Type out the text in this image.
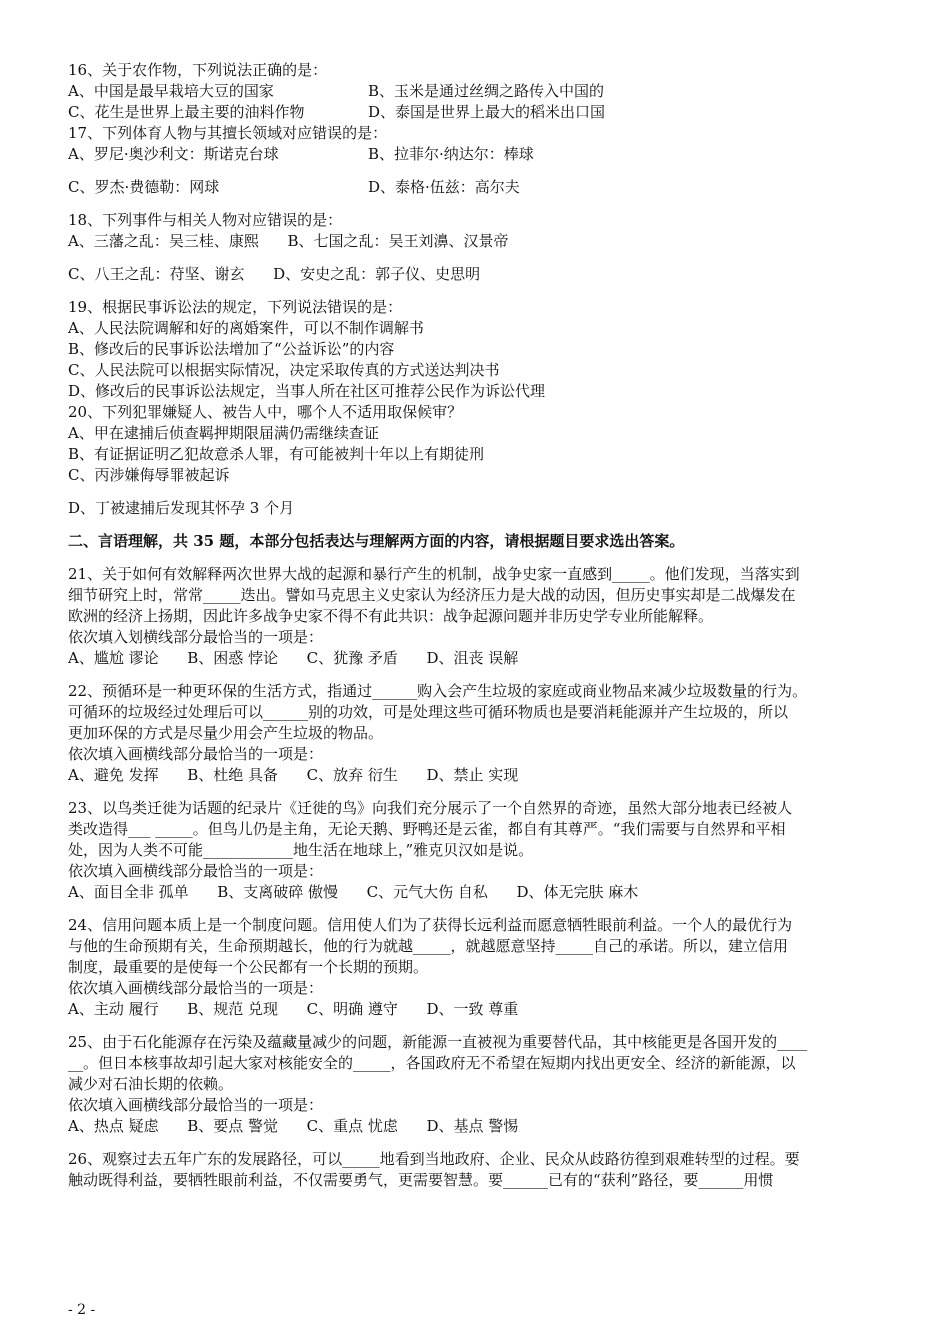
16、关于农作物，下列说法正确的是：

A、中国是最早栽培大豆的国家	B、玉米是通过丝绸之路传入中国的
C、花生是世界上最主要的油料作物	D、泰国是世界上最大的稻米出口国

17、下列体育人物与其擅长领域对应错误的是：

A、罗尼·奥沙利文：斯诺克台球	B、拉菲尔·纳达尔：棒球
C、罗杰·费德勒：网球	D、泰格·伍兹：高尔夫

18、下列事件与相关人物对应错误的是：

A、三藩之乱：吴三桂、康熙      B、七国之乱：吴王刘濞、汉景帝

C、八王之乱：苻坚、谢玄      D、安史之乱：郭子仪、史思明

19、根据民事诉讼法的规定，下列说法错误的是：

A、人民法院调解和好的离婚案件，可以不制作调解书

B、修改后的民事诉讼法增加了“公益诉讼”的内容

C、人民法院可以根据实际情况，决定采取传真的方式送达判决书

D、修改后的民事诉讼法规定，当事人所在社区可推荐公民作为诉讼代理

20、下列犯罪嫌疑人、被告人中，哪个人不适用取保候审？

A、甲在逮捕后侦查羁押期限届满仍需继续查证

B、有证据证明乙犯故意杀人罪，有可能被判十年以上有期徒刑

C、丙涉嫌侮辱罪被起诉

D、丁被逮捕后发现其怀孕 3 个月

二、言语理解，共 35 题，本部分包括表达与理解两方面的内容，请根据题目要求选出答案。

21、关于如何有效解释两次世界大战的起源和暴行产生的机制，战争史家一直感到_____。他们发现，当落实到

细节研究上时，常常_____迭出。譬如马克思主义史家认为经济压力是大战的动因，但历史事实却是二战爆发在

欧洲的经济上扬期，因此许多战争史家不得不有此共识：战争起源问题并非历史学专业所能解释。

依次填入划横线部分最恰当的一项是：

A、尴尬 谬论      B、困惑 悖论      C、犹豫 矛盾      D、沮丧 误解

22、预循环是一种更环保的生活方式，指通过______购入会产生垃圾的家庭或商业物品来减少垃圾数量的行为。

可循环的垃圾经过处理后可以______别的功效，可是处理这些可循环物质也是要消耗能源并产生垃圾的，所以

更加环保的方式是尽量少用会产生垃圾的物品。

依次填入画横线部分最恰当的一项是：

A、避免 发挥      B、杜绝 具备      C、放弃 衍生      D、禁止 实现

23、以鸟类迁徙为话题的纪录片《迁徙的鸟》向我们充分展示了一个自然界的奇迹，虽然大部分地表已经被人

类改造得___ _____。但鸟儿仍是主角，无论天鹅、野鸭还是云雀，都自有其尊严。“我们需要与自然界和平相

处，因为人类不可能____________地生活在地球上，”雅克贝汉如是说。

依次填入画横线部分最恰当的一项是：

A、面目全非 孤单      B、支离破碎 傲慢      C、元气大伤 自私      D、体无完肤 麻木

24、信用问题本质上是一个制度问题。信用使人们为了获得长远利益而愿意牺牲眼前利益。一个人的最优行为

与他的生命预期有关，生命预期越长，他的行为就越_____，就越愿意坚持_____自己的承诺。所以，建立信用

制度，最重要的是使每一个公民都有一个长期的预期。

依次填入画横线部分最恰当的一项是：

A、主动 履行      B、规范 兑现      C、明确 遵守      D、一致 尊重

25、由于石化能源存在污染及蕴藏量减少的问题，新能源一直被视为重要替代品，其中核能更是各国开发的____

__。但日本核事故却引起大家对核能安全的_____，各国政府无不希望在短期内找出更安全、经济的新能源，以

减少对石油长期的依赖。

依次填入画横线部分最恰当的一项是：

A、热点 疑虑      B、要点 警觉      C、重点 忧虑      D、基点 警惕

26、观察过去五年广东的发展路径，可以_____地看到当地政府、企业、民众从歧路彷徨到艰难转型的过程。要

触动既得利益，要牺牲眼前利益，不仅需要勇气，更需要智慧。要______已有的“获利”路径，要______用惯

- 2 -
